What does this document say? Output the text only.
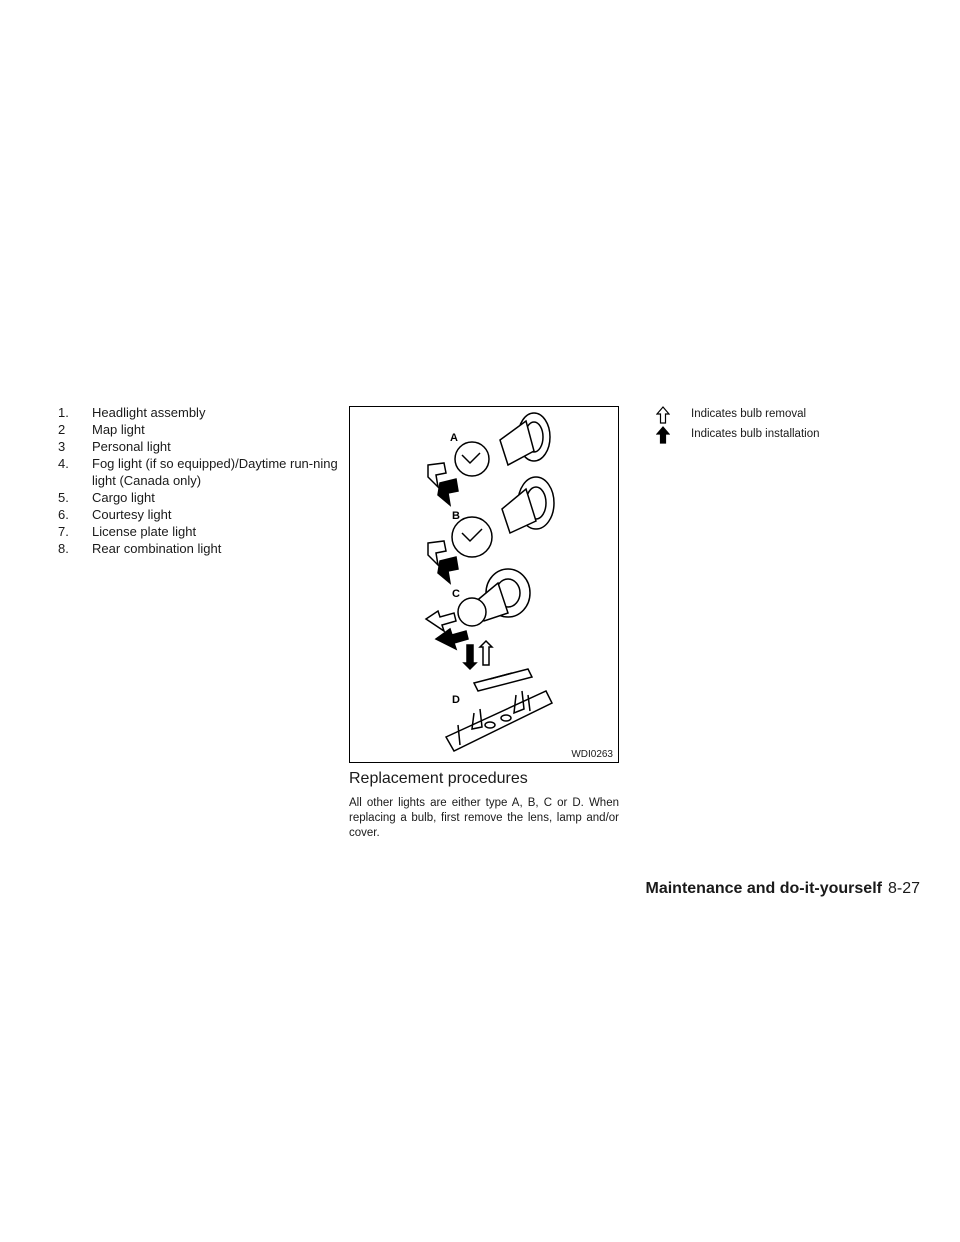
1. Headlight assembly
2 Map light
3 Personal light
4. Fog light (if so equipped)/Daytime run-ning light (Canada only)
5. Cargo light
6. Courtesy light
7. License plate light
8. Rear combination light
A
B
C
D
WDI0263
Replacement procedures

All other lights are either type A, B, C or D. When replacing a bulb, first remove the lens, lamp and/or cover.

Indicates bulb removal
Indicates bulb installation
Maintenance and do-it-yourself 8-27
